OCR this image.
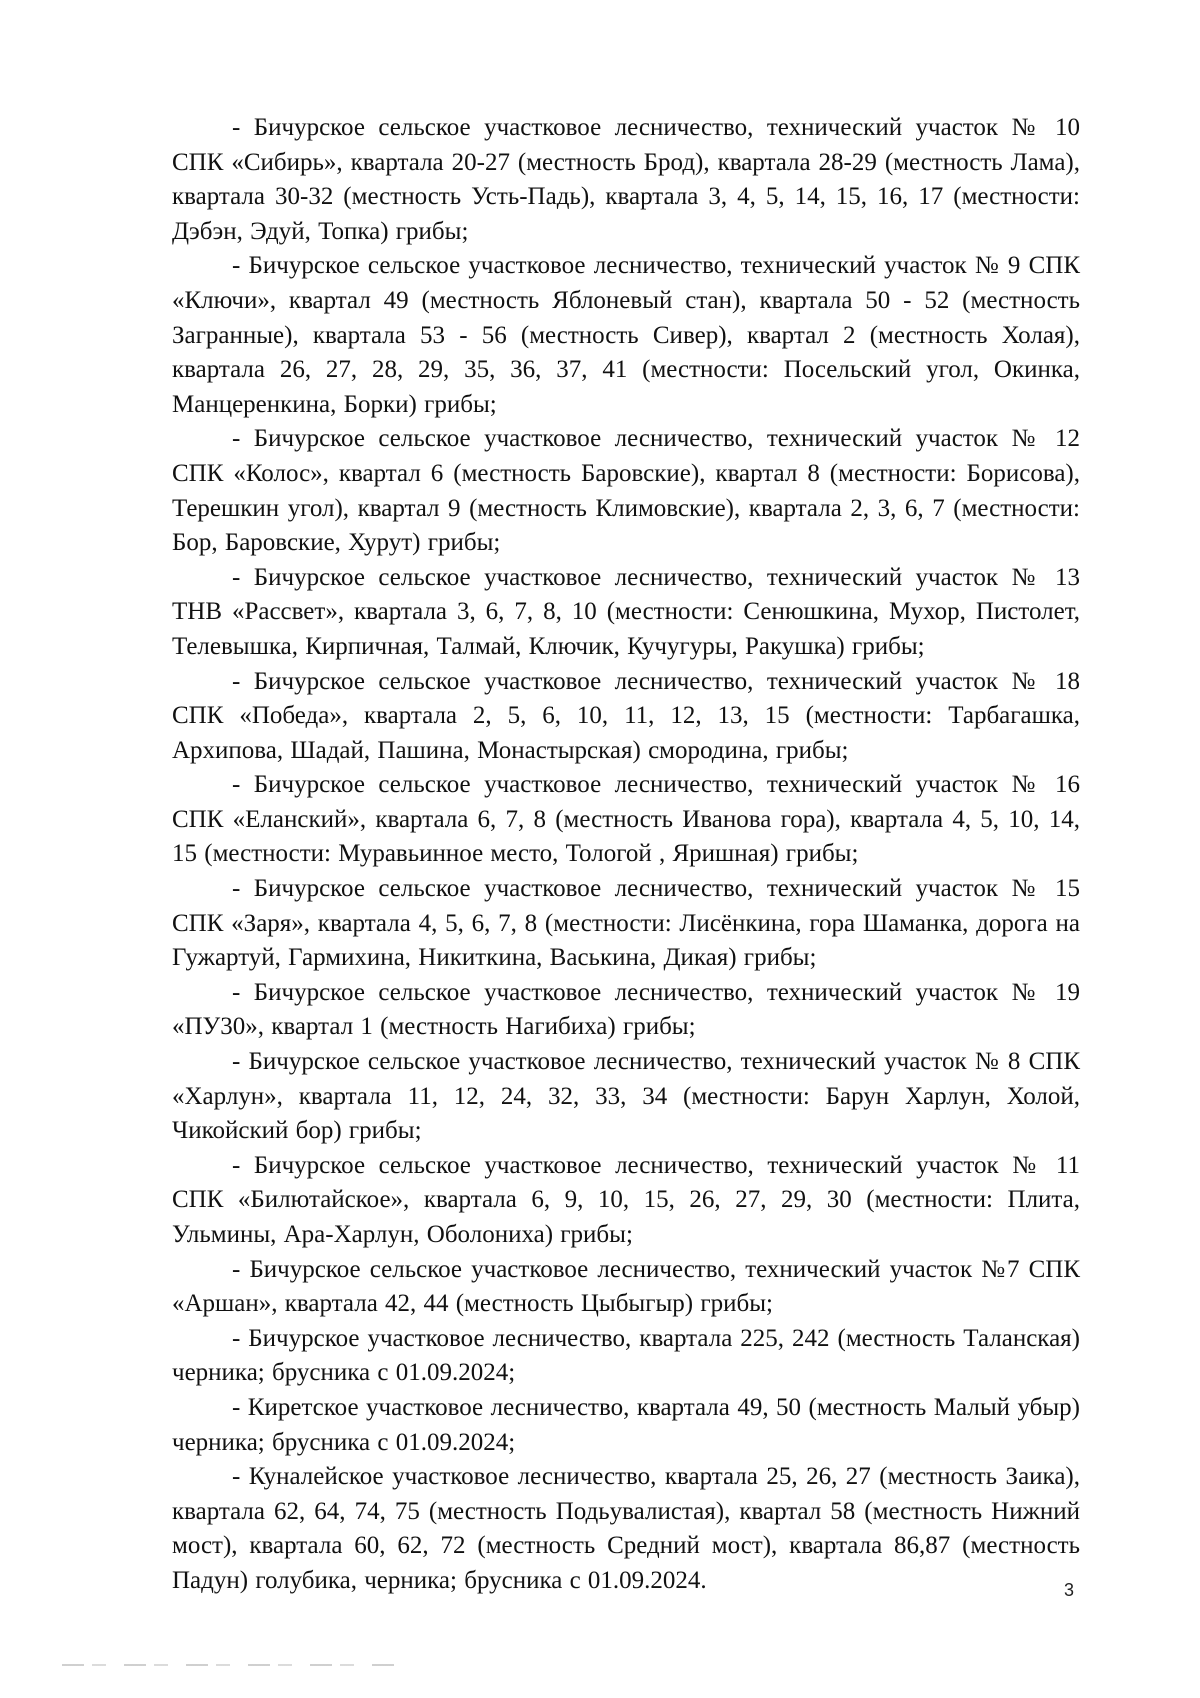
- Бичурское сельское участковое лесничество, технический участок № 10 СПК «Сибирь», квартала 20-27 (местность Брод), квартала 28-29 (местность Лама), квартала 30-32 (местность Усть-Падь), квартала 3, 4, 5, 14, 15, 16, 17 (местности: Дэбэн, Эдуй, Топка) грибы;

- Бичурское сельское участковое лесничество, технический участок № 9 СПК «Ключи», квартал 49 (местность Яблоневый стан), квартала 50 - 52 (местность Загранные), квартала 53 - 56 (местность Сивер), квартал 2 (местность Холая), квартала 26, 27, 28, 29, 35, 36, 37, 41 (местности: Посельский угол, Окинка, Манцеренкина, Борки) грибы;

- Бичурское сельское участковое лесничество, технический участок № 12 СПК «Колос», квартал 6 (местность Баровские), квартал 8 (местности: Борисова), Терешкин угол), квартал 9 (местность Климовские), квартала 2, 3, 6, 7 (местности: Бор, Баровские, Хурут) грибы;

- Бичурское сельское участковое лесничество, технический участок № 13 ТНВ «Рассвет», квартала 3, 6, 7, 8, 10 (местности: Сенюшкина, Мухор, Пистолет, Телевышка, Кирпичная, Талмай, Ключик, Кучугуры, Ракушка) грибы;

- Бичурское сельское участковое лесничество, технический участок № 18 СПК «Победа», квартала 2, 5, 6, 10, 11, 12, 13, 15 (местности: Тарбагашка, Архипова, Шадай, Пашина, Монастырская) смородина, грибы;

- Бичурское сельское участковое лесничество, технический участок № 16 СПК «Еланский», квартала 6, 7, 8 (местность Иванова гора), квартала 4, 5, 10, 14, 15 (местности: Муравьинное место, Тологой , Яришная) грибы;

- Бичурское сельское участковое лесничество, технический участок № 15 СПК «Заря», квартала 4, 5, 6, 7, 8 (местности: Лисёнкина, гора Шаманка, дорога на Гужартуй, Гармихина, Никиткина, Васькина, Дикая) грибы;

- Бичурское сельское участковое лесничество, технический участок № 19 «ПУ30», квартал 1 (местность Нагибиха) грибы;

- Бичурское сельское участковое лесничество, технический участок № 8 СПК «Харлун», квартала 11, 12, 24, 32, 33, 34 (местности: Барун Харлун, Холой, Чикойский бор) грибы;

- Бичурское сельское участковое лесничество, технический участок № 11 СПК «Билютайское», квартала 6, 9, 10, 15, 26, 27, 29, 30 (местности: Плита, Ульмины, Ара-Харлун, Оболониха) грибы;

- Бичурское сельское участковое лесничество, технический участок №7 СПК «Аршан», квартала 42, 44 (местность Цыбыгыр) грибы;

- Бичурское участковое лесничество, квартала 225, 242 (местность Таланская) черника; брусника с 01.09.2024;

- Киретское участковое лесничество, квартала 49, 50 (местность Малый убыр) черника; брусника с 01.09.2024;

- Куналейское участковое лесничество, квартала 25, 26, 27 (местность Заика), квартала 62, 64, 74, 75 (местность Подьувалистая), квартал 58 (местность Нижний мост), квартала 60, 62, 72 (местность Средний мост), квартала 86,87 (местность Падун) голубика, черника; брусника с 01.09.2024.	3
